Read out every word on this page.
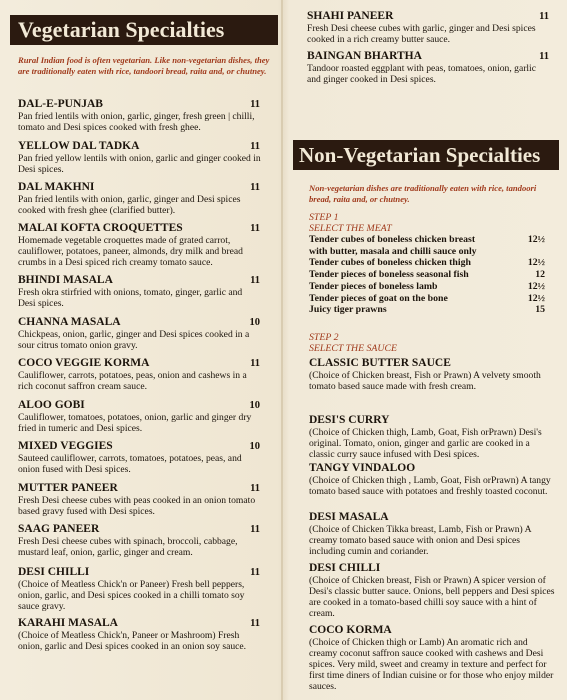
Vegetarian Specialties
Rural Indian food is often vegetarian. Like non-vegetarian dishes, they are traditionally eaten with rice, tandoori bread, raita and, or chutney.
DAL-E-PUNJAB	11
Pan fried lentils with onion, garlic, ginger, fresh green | chilli, tomato and Desi spices cooked with fresh ghee.
YELLOW DAL TADKA	11
Pan fried yellow lentils with onion, garlic and ginger cooked in Desi spices.
DAL MAKHNI	11
Pan fried lentils with onion, garlic, ginger and Desi spices cooked with fresh ghee (clarified butter).
MALAI KOFTA CROQUETTES	11
Homemade vegetable croquettes made of grated carrot, cauliflower, potatoes, paneer, almonds, dry milk and bread crumbs in a Desi spiced rich creamy tomato sauce.
BHINDI MASALA	11
Fresh okra stirfried with onions, tomato, ginger, garlic and Desi spices.
CHANNA MASALA	10
Chickpeas, onion, garlic, ginger and Desi spices cooked in a sour citrus tomato onion gravy.
COCO VEGGIE KORMA	11
Cauliflower, carrots, potatoes, peas, onion and cashews in a rich coconut saffron cream sauce.
ALOO GOBI	10
Cauliflower, tomatoes, potatoes, onion, garlic and ginger dry fried in tumeric and Desi spices.
MIXED VEGGIES	10
Sauteed cauliflower, carrots, tomatoes, potatoes, peas, and onion fused with Desi spices.
MUTTER PANEER	11
Fresh Desi cheese cubes with peas cooked in an onion tomato based gravy fused with Desi spices.
SAAG PANEER	11
Fresh Desi cheese cubes with spinach, broccoli, cabbage, mustard leaf, onion, garlic, ginger and cream.
DESI CHILLI	11
(Choice of Meatless Chick'n or Paneer) Fresh bell peppers, onion, garlic, and Desi spices cooked in a chilli tomato soy sauce gravy.
KARAHI MASALA	11
(Choice of Meatless Chick'n, Paneer or Mashroom) Fresh onion, garlic and Desi spices cooked in an onion soy sauce.
SHAHI PANEER	11
Fresh Desi cheese cubes with garlic, ginger and Desi spices cooked in a rich creamy butter sauce.
BAINGAN BHARTHA	11
Tandoor roasted eggplant with peas, tomatoes, onion, garlic and ginger cooked in Desi spices.
Non-Vegetarian Specialties
Non-vegetarian dishes are traditionally eaten with rice, tandoori bread, raita and, or chutney.
STEP 1
SELECT THE MEAT
Tender cubes of boneless chicken breast	12½
with butter, masala and chilli sauce only
Tender cubes of boneless chicken thigh	12½
Tender pieces of boneless seasonal fish	12
Tender pieces of boneless lamb	12½
Tender pieces of goat on the bone	12½
Juicy tiger prawns	15
STEP 2
SELECT THE SAUCE
CLASSIC BUTTER SAUCE
(Choice of Chicken breast, Fish or Prawn) A velvety smooth tomato based sauce made with fresh cream.
DESI'S CURRY
(Choice of Chicken thigh, Lamb, Goat, Fish orPrawn) Desi's original. Tomato, onion, ginger and garlic are cooked in a classic curry sauce infused with Desi spices.
TANGY VINDALOO
(Choice of Chicken thigh , Lamb, Goat, Fish orPrawn) A tangy tomato based sauce with potatoes and freshly toasted coconut.
DESI MASALA
(Choice of Chicken Tikka breast, Lamb, Fish or Prawn) A creamy tomato based sauce with onion and Desi spices including cumin and coriander.
DESI CHILLI
(Choice of Chicken breast, Fish or Prawn) A spicer version of Desi's classic butter sauce. Onions, bell peppers and Desi spices are cooked in a tomato-based chilli soy sauce with a hint of cream.
COCO KORMA
(Choice of Chicken thigh or Lamb) An aromatic rich and creamy coconut saffron sauce cooked with cashews and Desi spices. Very mild, sweet and creamy in texture and perfect for first time diners of Indian cuisine or for those who enjoy milder sauces.
